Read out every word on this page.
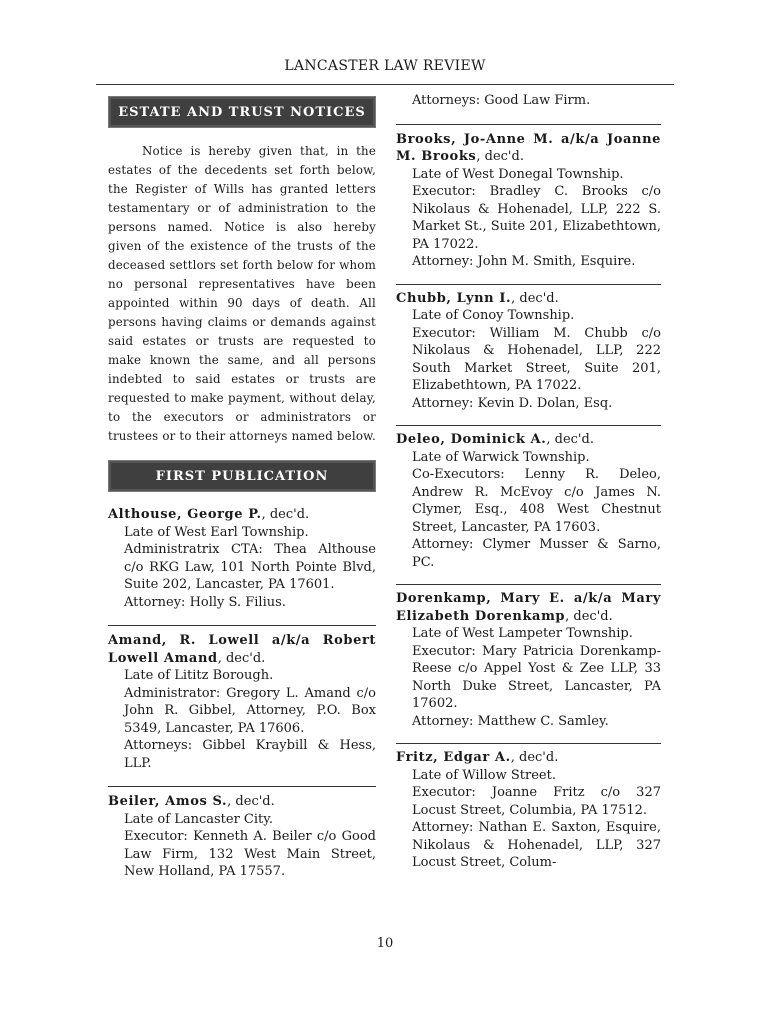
LANCASTER LAW REVIEW
ESTATE AND TRUST NOTICES
Notice is hereby given that, in the estates of the decedents set forth below, the Register of Wills has granted letters testamentary or of administration to the persons named. Notice is also hereby given of the existence of the trusts of the deceased settlors set forth below for whom no personal representatives have been appointed within 90 days of death. All persons having claims or demands against said estates or trusts are requested to make known the same, and all persons indebted to said estates or trusts are requested to make payment, without delay, to the executors or administrators or trustees or to their attorneys named below.
FIRST PUBLICATION
Althouse, George P., dec'd.
Late of West Earl Township.
Administratrix CTA: Thea Althouse c/o RKG Law, 101 North Pointe Blvd, Suite 202, Lancaster, PA 17601.
Attorney: Holly S. Filius.
Amand, R. Lowell a/k/a Robert Lowell Amand, dec'd.
Late of Lititz Borough.
Administrator: Gregory L. Amand c/o John R. Gibbel, Attorney, P.O. Box 5349, Lancaster, PA 17606.
Attorneys: Gibbel Kraybill & Hess, LLP.
Beiler, Amos S., dec'd.
Late of Lancaster City.
Executor: Kenneth A. Beiler c/o Good Law Firm, 132 West Main Street, New Holland, PA 17557.
Attorneys: Good Law Firm.
Brooks, Jo-Anne M. a/k/a Joanne M. Brooks, dec'd.
Late of West Donegal Township.
Executor: Bradley C. Brooks c/o Nikolaus & Hohenadel, LLP, 222 S. Market St., Suite 201, Elizabethtown, PA 17022.
Attorney: John M. Smith, Esquire.
Chubb, Lynn I., dec'd.
Late of Conoy Township.
Executor: William M. Chubb c/o Nikolaus & Hohenadel, LLP, 222 South Market Street, Suite 201, Elizabethtown, PA 17022.
Attorney: Kevin D. Dolan, Esq.
Deleo, Dominick A., dec'd.
Late of Warwick Township.
Co-Executors: Lenny R. Deleo, Andrew R. McEvoy c/o James N. Clymer, Esq., 408 West Chestnut Street, Lancaster, PA 17603.
Attorney: Clymer Musser & Sarno, PC.
Dorenkamp, Mary E. a/k/a Mary Elizabeth Dorenkamp, dec'd.
Late of West Lampeter Township.
Executor: Mary Patricia Dorenkamp-Reese c/o Appel Yost & Zee LLP, 33 North Duke Street, Lancaster, PA 17602.
Attorney: Matthew C. Samley.
Fritz, Edgar A., dec'd.
Late of Willow Street.
Executor: Joanne Fritz c/o 327 Locust Street, Columbia, PA 17512.
Attorney: Nathan E. Saxton, Esquire, Nikolaus & Hohenadel, LLP, 327 Locust Street, Colum-
10
